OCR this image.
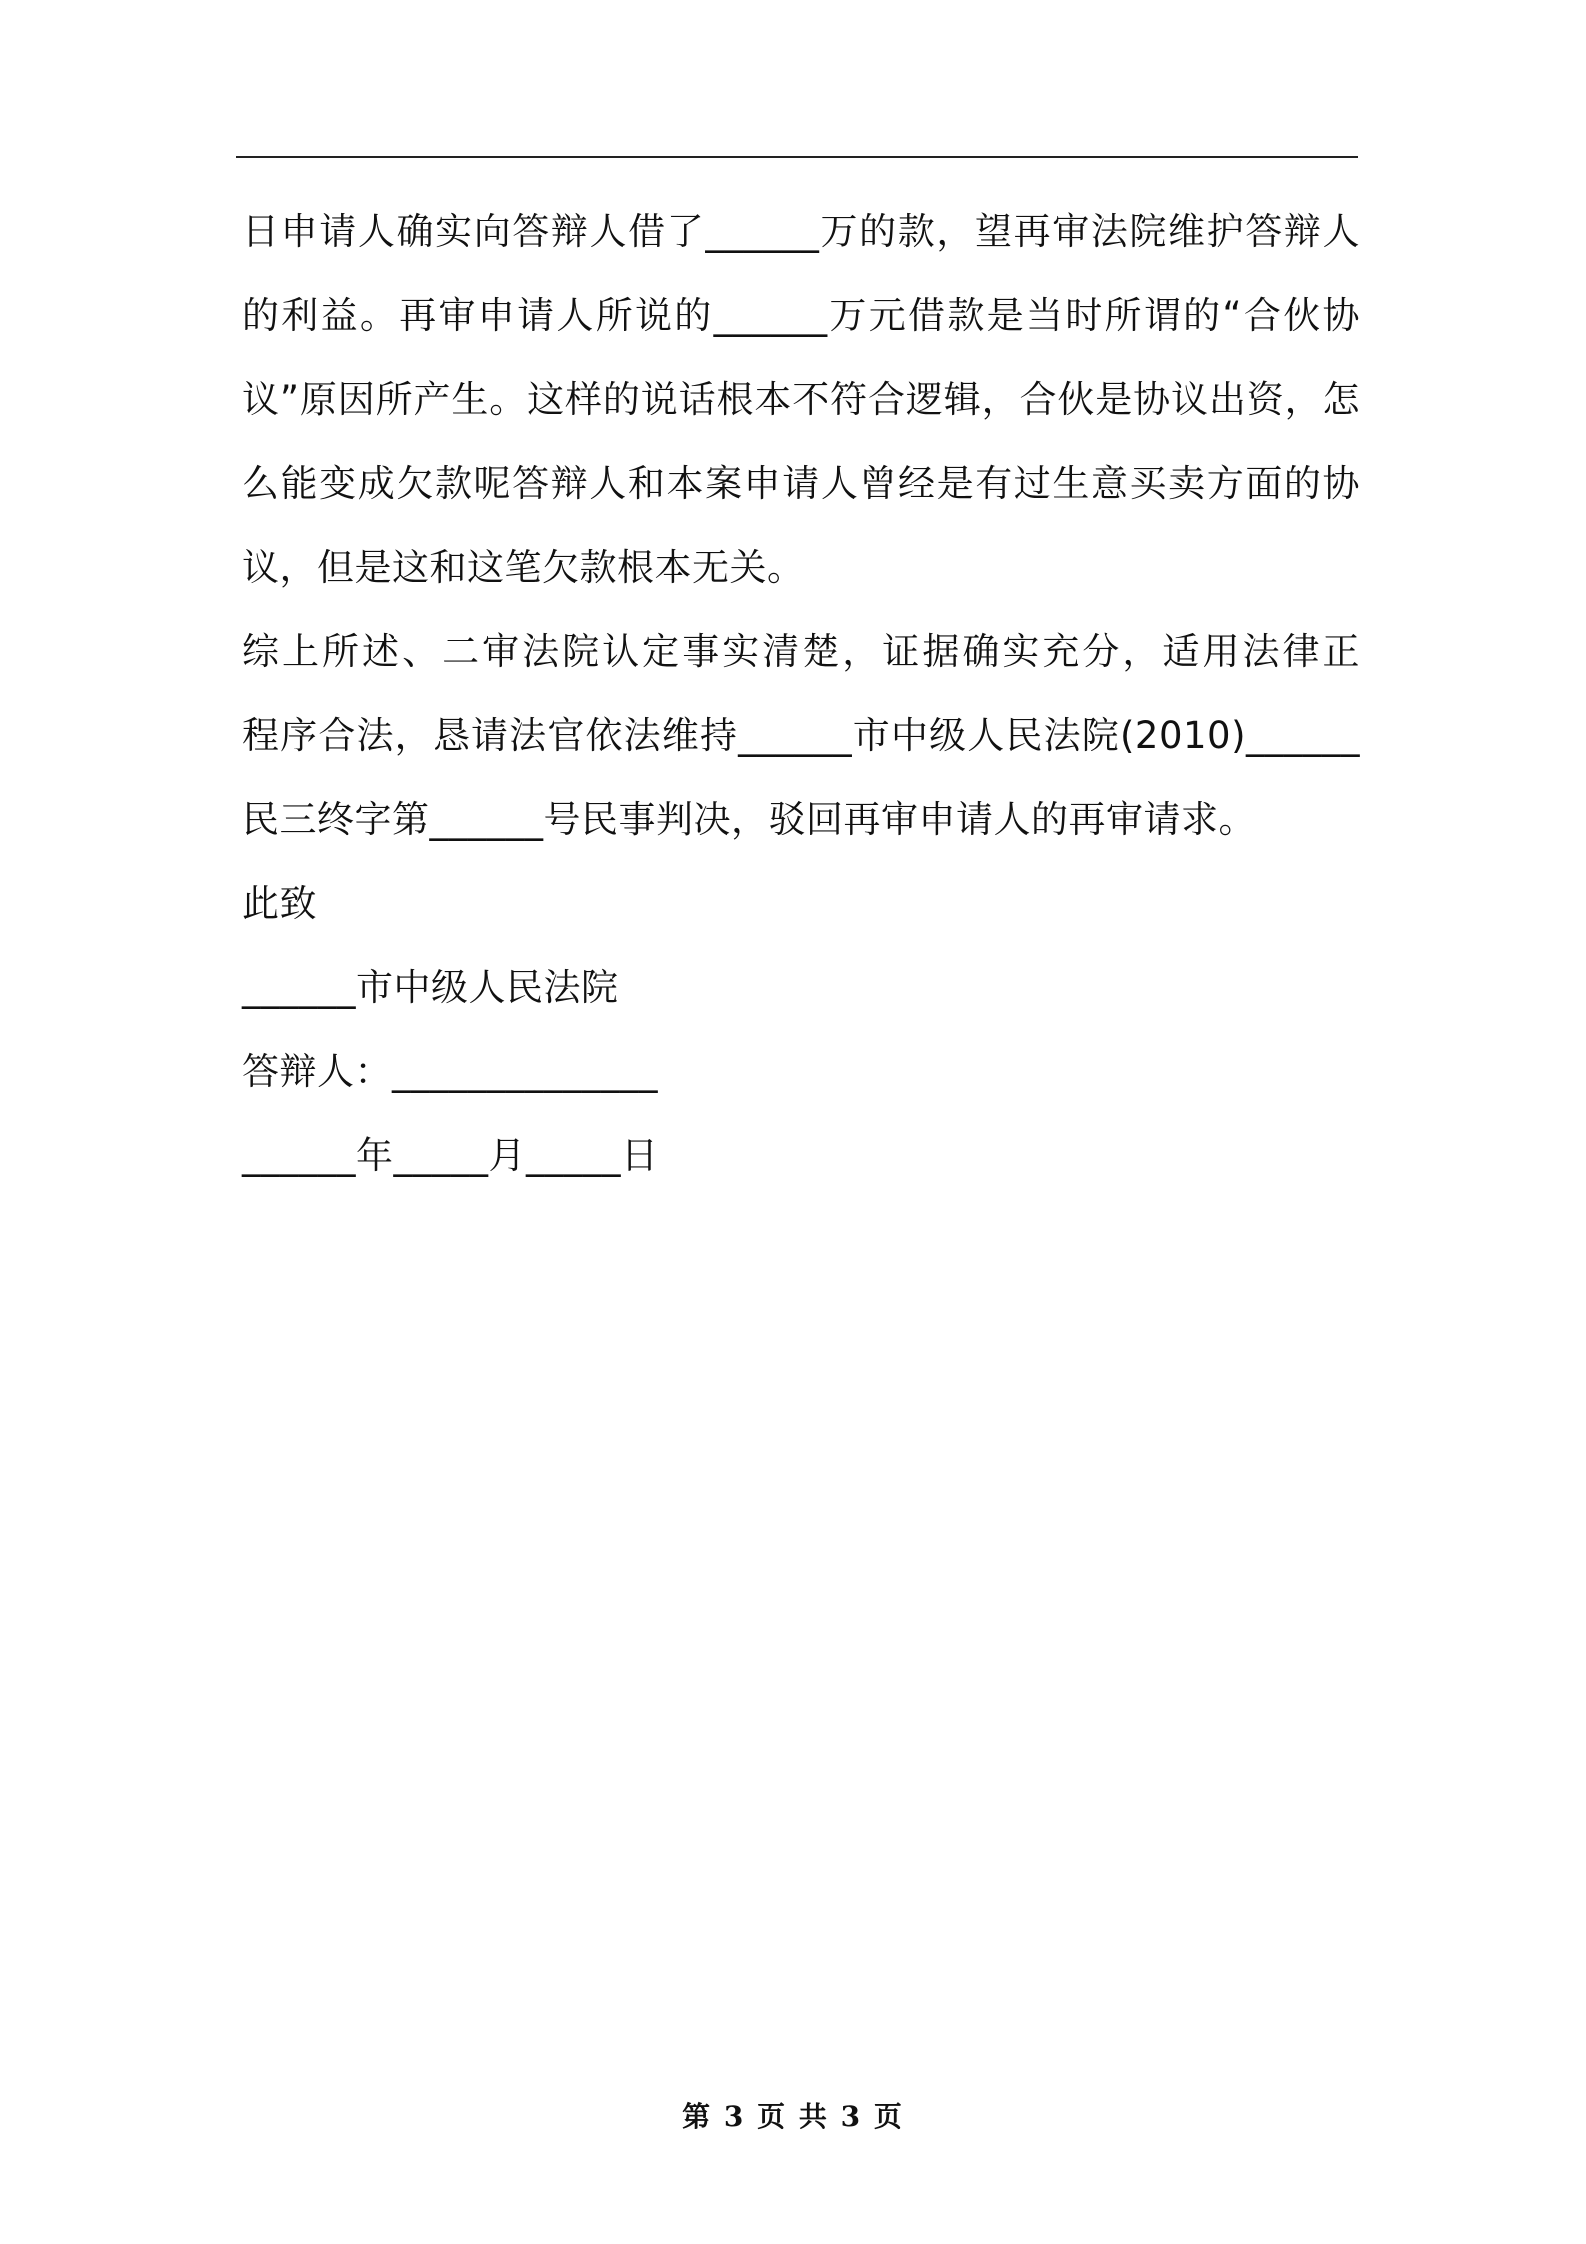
日申请人确实向答辩人借了______万的款，望再审法院维护答辩人
的利益。再审申请人所说的______万元借款是当时所谓的“合伙协
议”原因所产生。这样的说话根本不符合逻辑，合伙是协议出资，怎
么能变成欠款呢答辩人和本案申请人曾经是有过生意买卖方面的协
议，但是这和这笔欠款根本无关。
综上所述、二审法院认定事实清楚，证据确实充分，适用法律正
程序合法，恳请法官依法维持______市中级人民法院(2010)______
民三终字第______号民事判决，驳回再审申请人的再审请求。
此致
______市中级人民法院
答辩人：______________
______年_____月_____日
第 3 页 共 3 页
